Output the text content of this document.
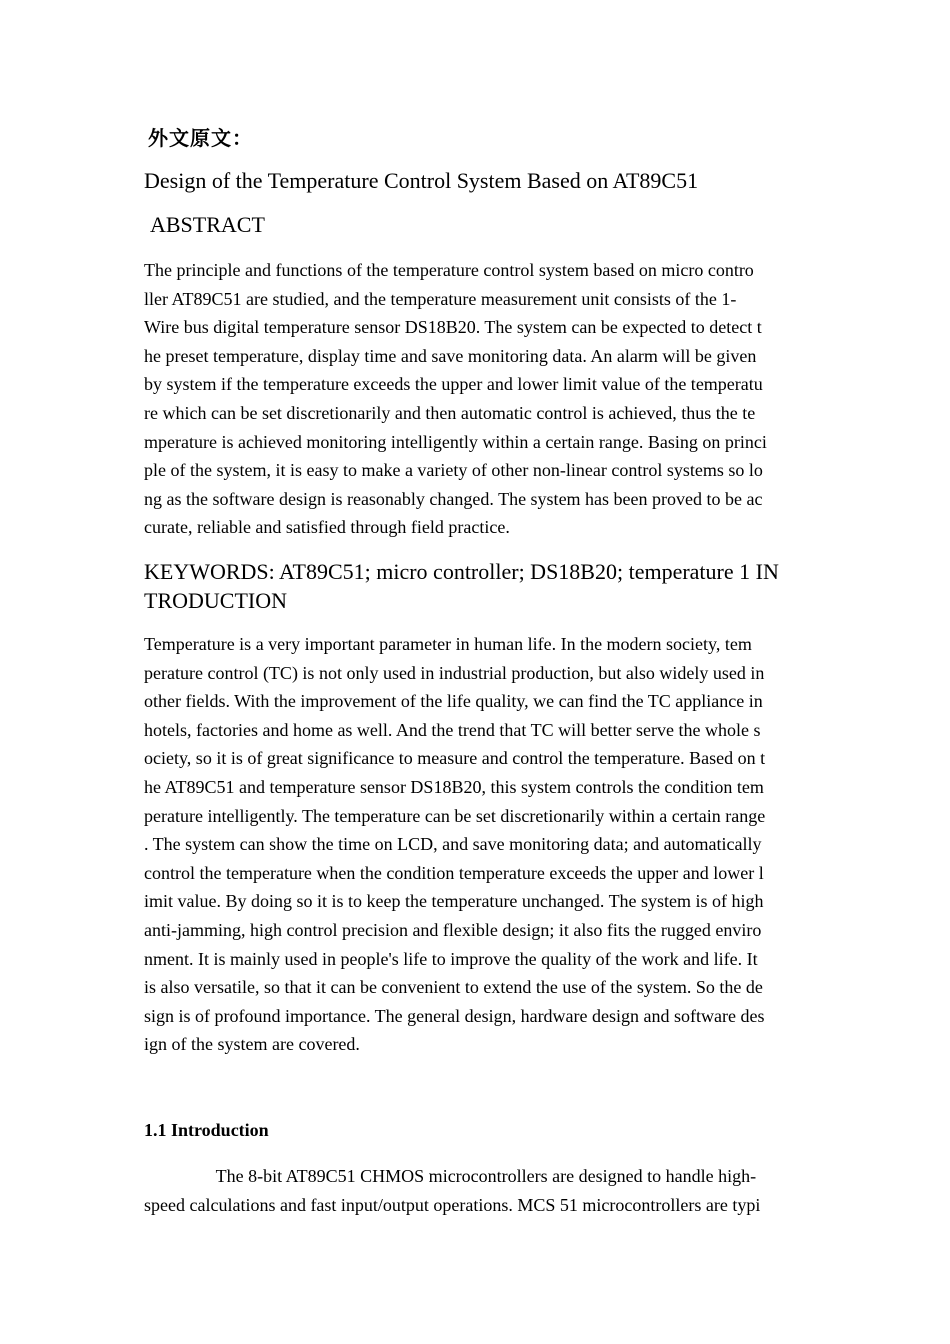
外文原文：
Design of the Temperature Control System Based on AT89C51
ABSTRACT
The principle and functions of the temperature control system based on micro contro
ller AT89C51 are studied, and the temperature measurement unit consists of the 1-
Wire bus digital temperature sensor DS18B20. The system can be expected to detect t
he preset temperature, display time and save monitoring data. An alarm will be given
by system if the temperature exceeds the upper and lower limit value of the temperatu
re which can be set discretionarily and then automatic control is achieved, thus the te
mperature is achieved monitoring intelligently within a certain range. Basing on princi
ple of the system, it is easy to make a variety of other non-linear control systems so lo
ng as the software design is reasonably changed. The system has been proved to be ac
curate, reliable and satisfied through field practice.
KEYWORDS: AT89C51; micro controller; DS18B20; temperature 1 IN
TRODUCTION
Temperature is a very important parameter in human life. In the modern society, tem
perature control (TC) is not only used in industrial production, but also widely used in
other fields. With the improvement of the life quality, we can find the TC appliance in
hotels, factories and home as well. And the trend that TC will better serve the whole s
ociety, so it is of great significance to measure and control the temperature. Based on t
he AT89C51 and temperature sensor DS18B20, this system controls the condition tem
perature intelligently. The temperature can be set discretionarily within a certain range
. The system can show the time on LCD, and save monitoring data; and automatically
control the temperature when the condition temperature exceeds the upper and lower l
imit value. By doing so it is to keep the temperature unchanged. The system is of high
anti-jamming, high control precision and flexible design; it also fits the rugged enviro
nment. It is mainly used in people's life to improve the quality of the work and life. It
is also versatile, so that it can be convenient to extend the use of the system. So the de
sign is of profound importance. The general design, hardware design and software des
ign of the system are covered.
1.1 Introduction
The 8-bit AT89C51 CHMOS microcontrollers are designed to handle high-
speed calculations and fast input/output operations. MCS 51 microcontrollers are typi
